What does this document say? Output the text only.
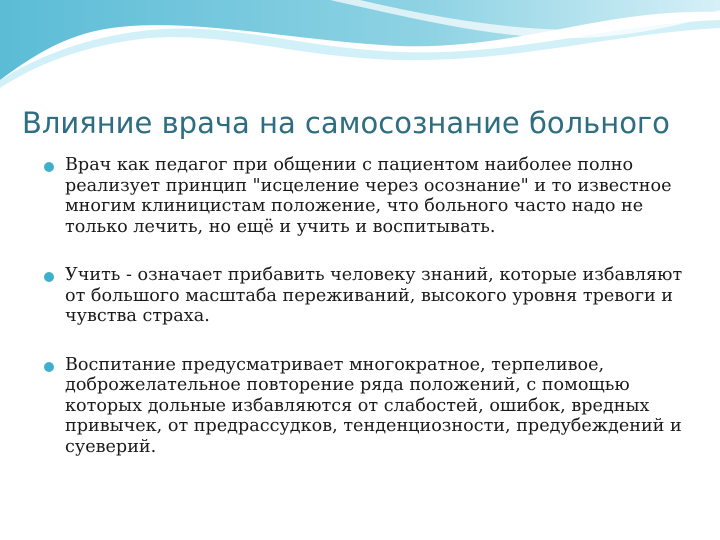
Влияние врача на самосознание больного
Врач как педагог при общении с пациентом наиболее полно реализует принцип "исцеление через осознание" и то известное многим клиницистам положение, что больного часто надо не только лечить, но ещё и учить и воспитывать.
Учить - означает прибавить человеку знаний, которые избавляют от большого масштаба переживаний, высокого уровня тревоги и чувства страха.
Воспитание предусматривает многократное, терпеливое, доброжелательное повторение ряда положений, с помощью которых дольные избавляются от слабостей, ошибок, вредных привычек, от предрассудков, тенденциозности, предубеждений и суеверий.
